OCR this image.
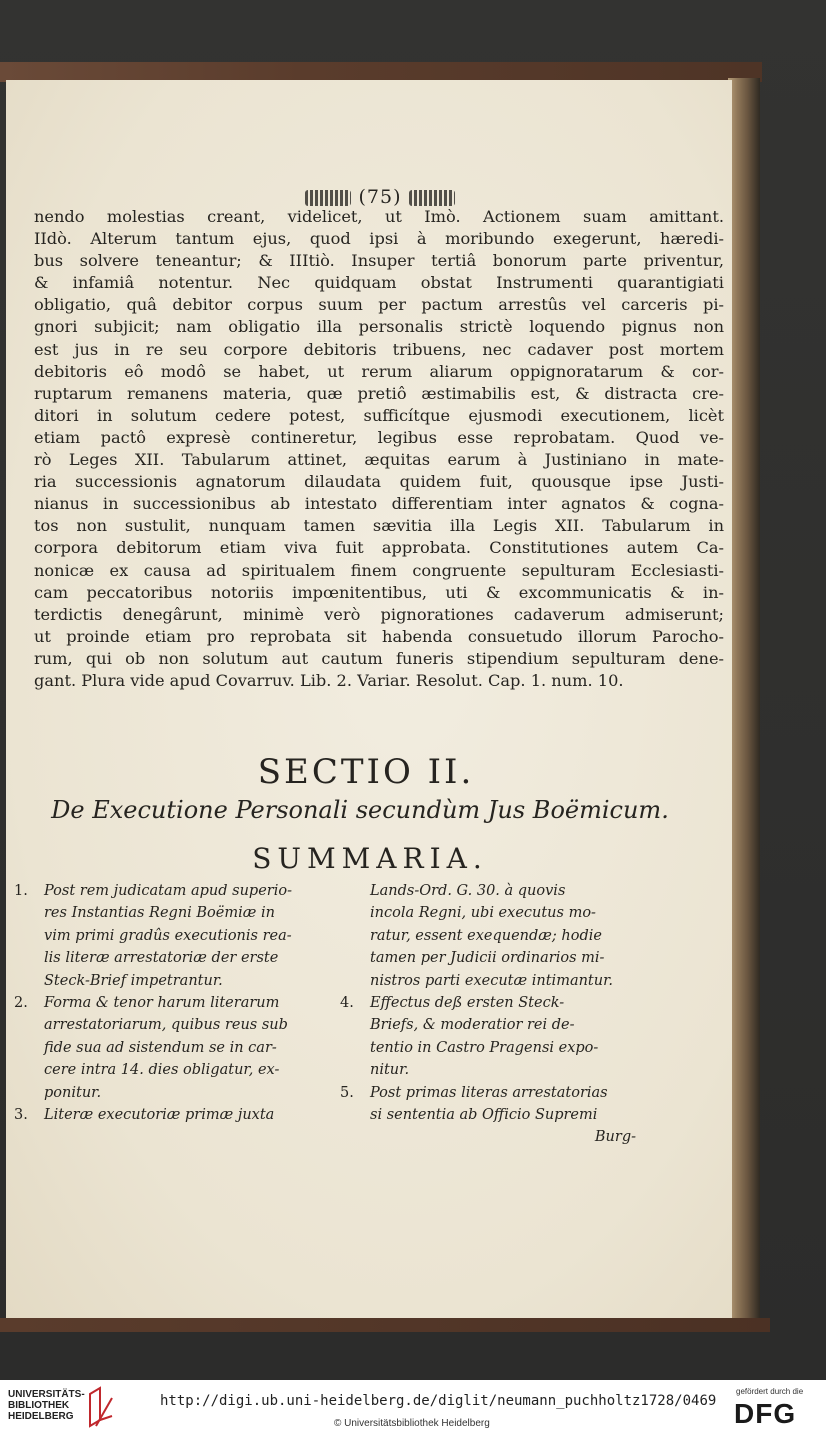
(75)
nendo molestias creant, videlicet, ut Imò. Actionem suam amittant.
IIdò. Alterum tantum ejus, quod ipsi à moribundo exegerunt, hæredi-
bus solvere teneantur; & IIItiò. Insuper tertiâ bonorum parte priventur,
& infamiâ notentur. Nec quidquam obstat Instrumenti quarantigiati
obligatio, quâ debitor corpus suum per pactum arrestûs vel carceris pi-
gnori subjicit; nam obligatio illa personalis strictè loquendo pignus non
est jus in re seu corpore debitoris tribuens, nec cadaver post mortem
debitoris eô modô se habet, ut rerum aliarum oppignoratarum & cor-
ruptarum remanens materia, quæ pretiô æstimabilis est, & distracta cre-
ditori in solutum cedere potest, sufficítque ejusmodi executionem, licèt
etiam pactô expresè contineretur, legibus esse reprobatam. Quod ve-
rò Leges XII. Tabularum attinet, æquitas earum à Justiniano in mate-
ria successionis agnatorum dilaudata quidem fuit, quousque ipse Justi-
nianus in successionibus ab intestato differentiam inter agnatos & cogna-
tos non sustulit, nunquam tamen sævitia illa Legis XII. Tabularum in
corpora debitorum etiam viva fuit approbata. Constitutiones autem Ca-
nonicæ ex causa ad spiritualem finem congruente sepulturam Ecclesiasti-
cam peccatoribus notoriis impœnitentibus, uti & excommunicatis & in-
terdictis denegârunt, minimè verò pignorationes cadaverum admiserunt;
ut proinde etiam pro reprobata sit habenda consuetudo illorum Parocho-
rum, qui ob non solutum aut cautum funeris stipendium sepulturam dene-
gant. Plura vide apud Covarruv. Lib. 2. Variar. Resolut. Cap. 1. num. 10.
SECTIO II.
De Executione Personali secundùm Jus Boëmicum.
SUMMARIA.
1.	Post rem judicatam apud superio-
res Instantias Regni Boëmiæ in
vim primi gradûs executionis rea-
lis literæ arrestatoriæ der erste
Steck-Brief impetrantur.
2.	Forma & tenor harum literarum
arrestatoriarum, quibus reus sub
fide sua ad sistendum se in car-
cere intra 14. dies obligatur, ex-
ponitur.
3.	Literæ executoriæ primæ juxta
Lands-Ord. G. 30. à quovis
incola Regni, ubi executus mo-
ratur, essent exequendæ; hodie
tamen per Judicii ordinarios mi-
nistros parti executæ intimantur.
4.	Effectus deß ersten Steck-
Briefs, & moderatior rei de-
tentio in Castro Pragensi expo-
nitur.
5.	Post primas literas arrestatorias
si sententia ab Officio Supremi
Burg-
UNIVERSITÄTS-
BIBLIOTHEK
HEIDELBERG
http://digi.ub.uni-heidelberg.de/diglit/neumann_puchholtz1728/0469
© Universitätsbibliothek Heidelberg
gefördert durch die
DFG
